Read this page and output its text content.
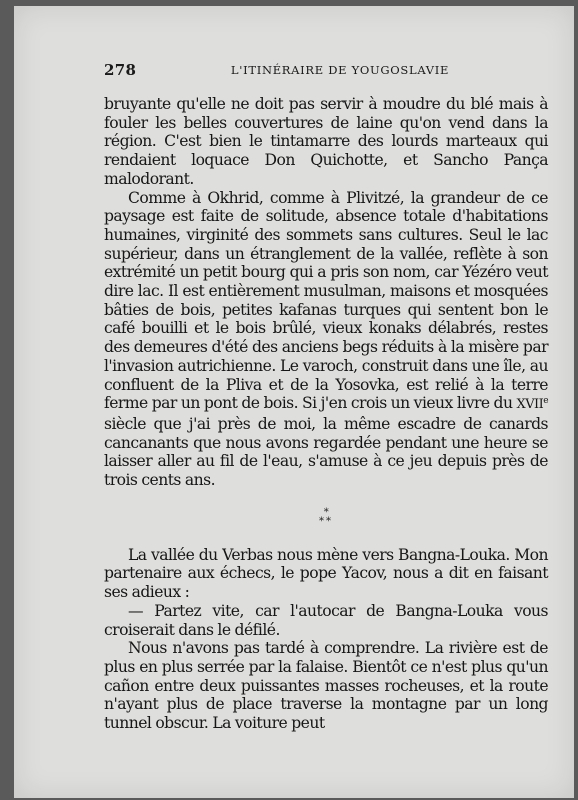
278	L'ITINÉRAIRE DE YOUGOSLAVIE

bruyante qu'elle ne doit pas servir à moudre du blé mais à fouler les belles couvertures de laine qu'on vend dans la région. C'est bien le tintamarre des lourds marteaux qui rendaient loquace Don Quichotte, et Sancho Pança malodorant.

Comme à Okhrid, comme à Plivitzé, la grandeur de ce paysage est faite de solitude, absence totale d'habitations humaines, virginité des sommets sans cultures. Seul le lac supérieur, dans un étranglement de la vallée, reflète à son extrémité un petit bourg qui a pris son nom, car Yézéro veut dire lac. Il est entièrement musulman, maisons et mosquées bâties de bois, petites kafanas turques qui sentent bon le café bouilli et le bois brûlé, vieux konaks délabrés, restes des demeures d'été des anciens begs réduits à la misère par l'invasion autrichienne. Le varoch, construit dans une île, au confluent de la Pliva et de la Yosovka, est relié à la terre ferme par un pont de bois. Si j'en crois un vieux livre du XVIIe siècle que j'ai près de moi, la même escadre de canards cancanants que nous avons regardée pendant une heure se laisser aller au fil de l'eau, s'amuse à ce jeu depuis près de trois cents ans.

*
**

La vallée du Verbas nous mène vers Bangna-Louka. Mon partenaire aux échecs, le pope Yacov, nous a dit en faisant ses adieux :

— Partez vite, car l'autocar de Bangna-Louka vous croiserait dans le défilé.

Nous n'avons pas tardé à comprendre. La rivière est de plus en plus serrée par la falaise. Bientôt ce n'est plus qu'un cañon entre deux puissantes masses rocheuses, et la route n'ayant plus de place traverse la montagne par un long tunnel obscur. La voiture peut
